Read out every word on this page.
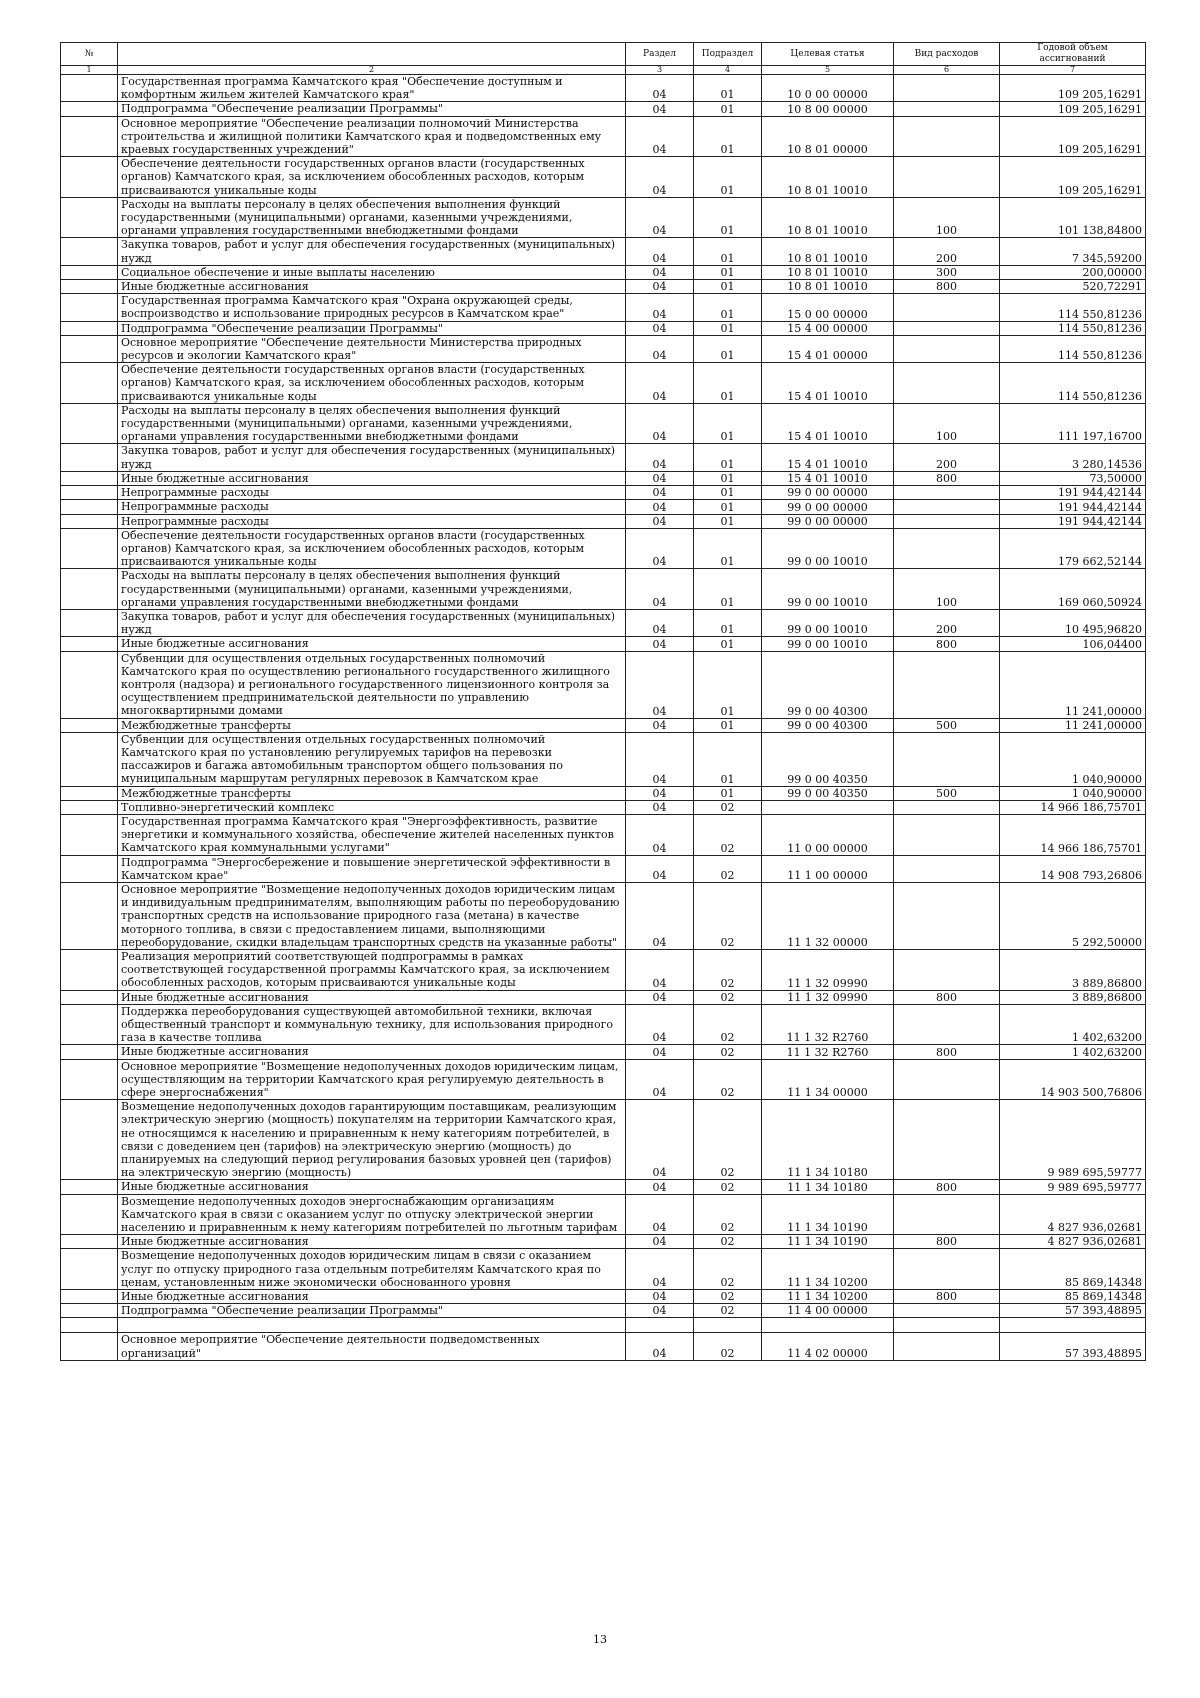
№		Раздел	Подраздел	Целевая статья	Вид расходов	Годовой объем ассигнований
1	2	3	4	5	6	7
	Государственная программа Камчатского края "Обеспечение доступным и комфортным жильем жителей Камчатского края"	04	01	10 0 00 00000		109 205,16291
	Подпрограмма "Обеспечение реализации Программы"	04	01	10 8 00 00000		109 205,16291
	Основное мероприятие "Обеспечение реализации полномочий Министерства строительства и жилищной политики Камчатского края и подведомственных ему краевых государственных учреждений"	04	01	10 8 01 00000		109 205,16291
	Обеспечение деятельности государственных органов власти (государственных органов) Камчатского края, за исключением обособленных расходов, которым присваиваются уникальные коды	04	01	10 8 01 10010		109 205,16291
	Расходы на выплаты персоналу в целях обеспечения выполнения функций государственными (муниципальными) органами, казенными учреждениями, органами управления государственными внебюджетными фондами	04	01	10 8 01 10010	100	101 138,84800
	Закупка товаров, работ и услуг для обеспечения государственных (муниципальных) нужд	04	01	10 8 01 10010	200	7 345,59200
	Социальное обеспечение и иные выплаты населению	04	01	10 8 01 10010	300	200,00000
	Иные бюджетные ассигнования	04	01	10 8 01 10010	800	520,72291
	Государственная программа Камчатского края "Охрана окружающей среды, воспроизводство и использование природных ресурсов в Камчатском крае"	04	01	15 0 00 00000		114 550,81236
	Подпрограмма "Обеспечение реализации Программы"	04	01	15 4 00 00000		114 550,81236
	Основное мероприятие "Обеспечение деятельности Министерства природных ресурсов и экологии Камчатского края"	04	01	15 4 01 00000		114 550,81236
	Обеспечение деятельности государственных органов власти (государственных органов) Камчатского края, за исключением обособленных расходов, которым присваиваются уникальные коды	04	01	15 4 01 10010		114 550,81236
	Расходы на выплаты персоналу в целях обеспечения выполнения функций государственными (муниципальными) органами, казенными учреждениями, органами управления государственными внебюджетными фондами	04	01	15 4 01 10010	100	111 197,16700
	Закупка товаров, работ и услуг для обеспечения государственных (муниципальных) нужд	04	01	15 4 01 10010	200	3 280,14536
	Иные бюджетные ассигнования	04	01	15 4 01 10010	800	73,50000
	Непрограммные расходы	04	01	99 0 00 00000		191 944,42144
	Непрограммные расходы	04	01	99 0 00 00000		191 944,42144
	Непрограммные расходы	04	01	99 0 00 00000		191 944,42144
	Обеспечение деятельности государственных органов власти (государственных органов) Камчатского края, за исключением обособленных расходов, которым присваиваются уникальные коды	04	01	99 0 00 10010		179 662,52144
	Расходы на выплаты персоналу в целях обеспечения выполнения функций государственными (муниципальными) органами, казенными учреждениями, органами управления государственными внебюджетными фондами	04	01	99 0 00 10010	100	169 060,50924
	Закупка товаров, работ и услуг для обеспечения государственных (муниципальных) нужд	04	01	99 0 00 10010	200	10 495,96820
	Иные бюджетные ассигнования	04	01	99 0 00 10010	800	106,04400
	Субвенции для осуществления отдельных государственных полномочий Камчатского края по осуществлению регионального государственного жилищного контроля (надзора) и регионального государственного лицензионного контроля за осуществлением предпринимательской деятельности по управлению многоквартирными домами	04	01	99 0 00 40300		11 241,00000
	Межбюджетные трансферты	04	01	99 0 00 40300	500	11 241,00000
	Субвенции для осуществления отдельных государственных полномочий Камчатского края по установлению регулируемых тарифов на перевозки пассажиров и багажа автомобильным транспортом общего пользования по муниципальным маршрутам регулярных перевозок в Камчатском крае	04	01	99 0 00 40350		1 040,90000
	Межбюджетные трансферты	04	01	99 0 00 40350	500	1 040,90000
	Топливно-энергетический комплекс	04	02			14 966 186,75701
	Государственная программа Камчатского края "Энергоэффективность, развитие энергетики и коммунального хозяйства, обеспечение жителей населенных пунктов Камчатского края коммунальными услугами"	04	02	11 0 00 00000		14 966 186,75701
	Подпрограмма "Энергосбережение и повышение энергетической эффективности в Камчатском крае"	04	02	11 1 00 00000		14 908 793,26806
	Основное мероприятие "Возмещение недополученных доходов юридическим лицам и индивидуальным предпринимателям, выполняющим работы по переоборудованию транспортных средств на использование природного газа (метана) в качестве моторного топлива, в связи с предоставлением лицами, выполняющими переоборудование, скидки владельцам транспортных средств на указанные работы"	04	02	11 1 32 00000		5 292,50000
	Реализация мероприятий соответствующей подпрограммы в рамках соответствующей государственной программы Камчатского края, за исключением обособленных расходов, которым присваиваются уникальные коды	04	02	11 1 32 09990		3 889,86800
	Иные бюджетные ассигнования	04	02	11 1 32 09990	800	3 889,86800
	Поддержка переоборудования существующей автомобильной техники, включая общественный транспорт и коммунальную технику, для использования природного газа в качестве топлива	04	02	11 1 32 R2760		1 402,63200
	Иные бюджетные ассигнования	04	02	11 1 32 R2760	800	1 402,63200
	Основное мероприятие "Возмещение недополученных доходов юридическим лицам, осуществляющим на территории Камчатского края регулируемую деятельность в сфере энергоснабжения"	04	02	11 1 34 00000		14 903 500,76806
	Возмещение недополученных доходов гарантирующим поставщикам, реализующим электрическую энергию (мощность) покупателям на территории Камчатского края, не относящимся к населению и приравненным к нему категориям потребителей, в связи с доведением цен (тарифов) на электрическую энергию (мощность) до планируемых на следующий период регулирования базовых уровней цен (тарифов) на электрическую энергию (мощность)	04	02	11 1 34 10180		9 989 695,59777
	Иные бюджетные ассигнования	04	02	11 1 34 10180	800	9 989 695,59777
	Возмещение недополученных доходов энергоснабжающим организациям Камчатского края в связи с оказанием услуг по отпуску электрической энергии населению и приравненным к нему категориям потребителей по льготным тарифам	04	02	11 1 34 10190		4 827 936,02681
	Иные бюджетные ассигнования	04	02	11 1 34 10190	800	4 827 936,02681
	Возмещение недополученных доходов юридическим лицам в связи с оказанием услуг по отпуску природного газа отдельным потребителям Камчатского края по ценам, установленным ниже экономически обоснованного уровня	04	02	11 1 34 10200		85 869,14348
	Иные бюджетные ассигнования	04	02	11 1 34 10200	800	85 869,14348
	Подпрограмма "Обеспечение реализации Программы"	04	02	11 4 00 00000		57 393,48895

	Основное мероприятие "Обеспечение деятельности подведомственных организаций"	04	02	11 4 02 00000		57 393,48895
13
